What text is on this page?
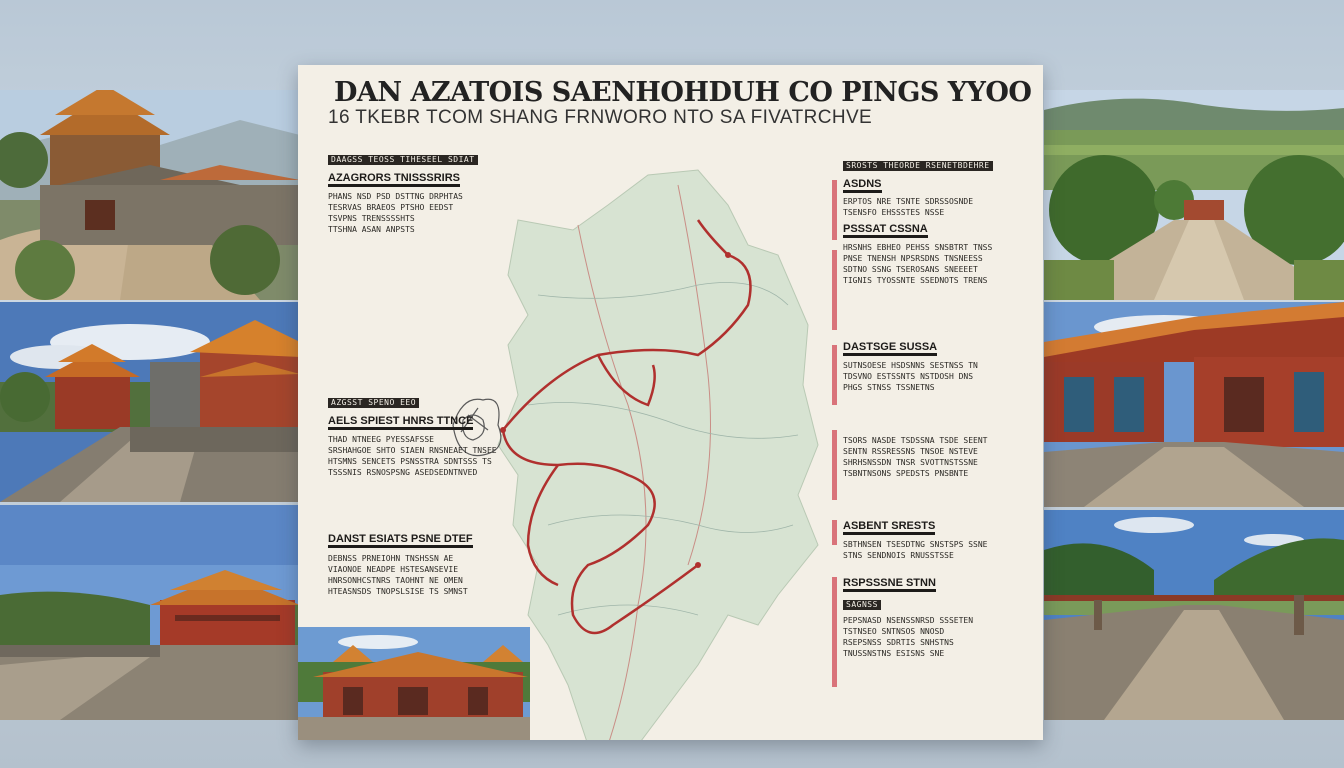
DAN AZATOIS SAENHOHDUH CO PINGS YYOO
16 TKEBR TCOM SHANG FRNWORO NTO SA FIVATRCHVE
DAAGSS TEOSS TIHESEEL SDIAT
AZAGRORS TNISSSRIRS
PHANS NSD PSD DSTTNG DRPHTAS
TESRVAS BRAEOS PTSHO EEDST
TSVPNS TRENSSSSHTS
TTSHNA ASAN ANPSTS
AZGSST SPENO EEO
AELS SPIEST HNRS TTNCE
THAD NTNEEG PYESSAFSSE
SRSHAHGOE SHTO SIAEN RNSNEAET TNSEE
HTSMNS SENCETS PSNSSTRA SDNTSSS TS
TSSSNIS RSNOSPSNG ASEDSEDNTNVED
DANST ESIATS PSNE DTEF
DEBNSS PRNEIOHN TNSHSSN AE
VIAONOE NEADPE HSTESANSEVIE
HNRSONHCSTNRS TAOHNT NE OMEN
HTEASNSDS TNOPSLSISE TS SMNST
SROSTS THEORDE RSENETBDEHRE
ASDNS
ERPTOS NRE TSNTE SDRSSOSNDE
TSENSFO EHSSSTES NSSE
PSSSAT CSSNA
HRSNHS EBHEO PEHSS SNSBTRT TNSS
PNSE TNENSH NPSRSDNS TNSNEESS
SDTNO SSNG TSEROSANS SNEEEET
TIGNIS TYOSSNTE SSEDNOTS TRENS
DASTSGE SUSSA
SUTNSOESE HSDSNNS SESTNSS TN
TDSVNO ESTSSNTS NSTDOSH DNS
PHGS STNSS TSSNETNS
TSORS NASDE TSDSSNA TSDE SEENT
SENTN RSSRESSNS TNSOE NSTEVE
SHRHSNSSDN TNSR SVOTTNSTSSNE
TSBNTNSONS SPEDSTS PNSBNTE
ASBENT SRESTS
SBTHNSEN TSESDTNG SNSTSPS SSNE
STNS SENDNOIS RNUSSTSSE
RSPSSSNE STNN
SAGNSS
PEPSNASD NSENSSNRSD SSSETEN
TSTNSEO SNTNSOS NNOSD
RSEPSNSS SDRTIS SNHSTNS
TNUSSNSTNS ESISNS SNE
